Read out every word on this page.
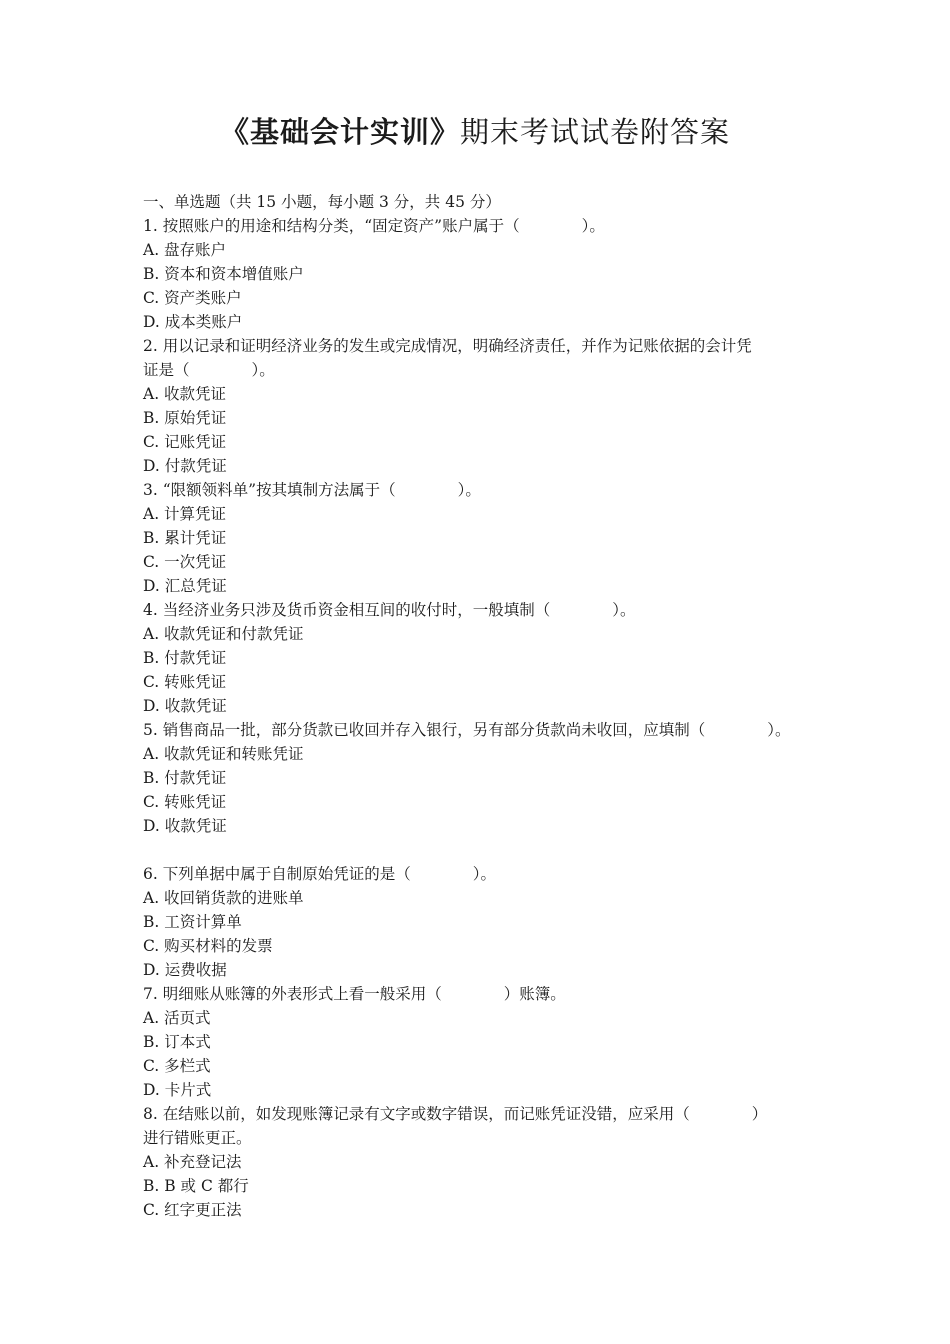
《基础会计实训》期末考试试卷附答案
一、单选题（共 15 小题，每小题 3 分，共 45 分）
1. 按照账户的用途和结构分类，“固定资产”账户属于（　　　　）。
A. 盘存账户
B. 资本和资本增值账户
C. 资产类账户
D. 成本类账户
2. 用以记录和证明经济业务的发生或完成情况，明确经济责任，并作为记账依据的会计凭
证是（　　　　）。
A. 收款凭证
B. 原始凭证
C. 记账凭证
D. 付款凭证
3. “限额领料单”按其填制方法属于（　　　　）。
A. 计算凭证
B. 累计凭证
C. 一次凭证
D. 汇总凭证
4. 当经济业务只涉及货币资金相互间的收付时，一般填制（　　　　）。
A. 收款凭证和付款凭证
B. 付款凭证
C. 转账凭证
D. 收款凭证
5. 销售商品一批，部分货款已收回并存入银行，另有部分货款尚未收回，应填制（　　　　）。
A. 收款凭证和转账凭证
B. 付款凭证
C. 转账凭证
D. 收款凭证
6. 下列单据中属于自制原始凭证的是（　　　　）。
A. 收回销货款的进账单
B. 工资计算单
C. 购买材料的发票
D. 运费收据
7. 明细账从账簿的外表形式上看一般采用（　　　　）账簿。
A. 活页式
B. 订本式
C. 多栏式
D. 卡片式
8. 在结账以前，如发现账簿记录有文字或数字错误，而记账凭证没错，应采用（　　　　）
进行错账更正。
A. 补充登记法
B. B 或 C 都行
C. 红字更正法
